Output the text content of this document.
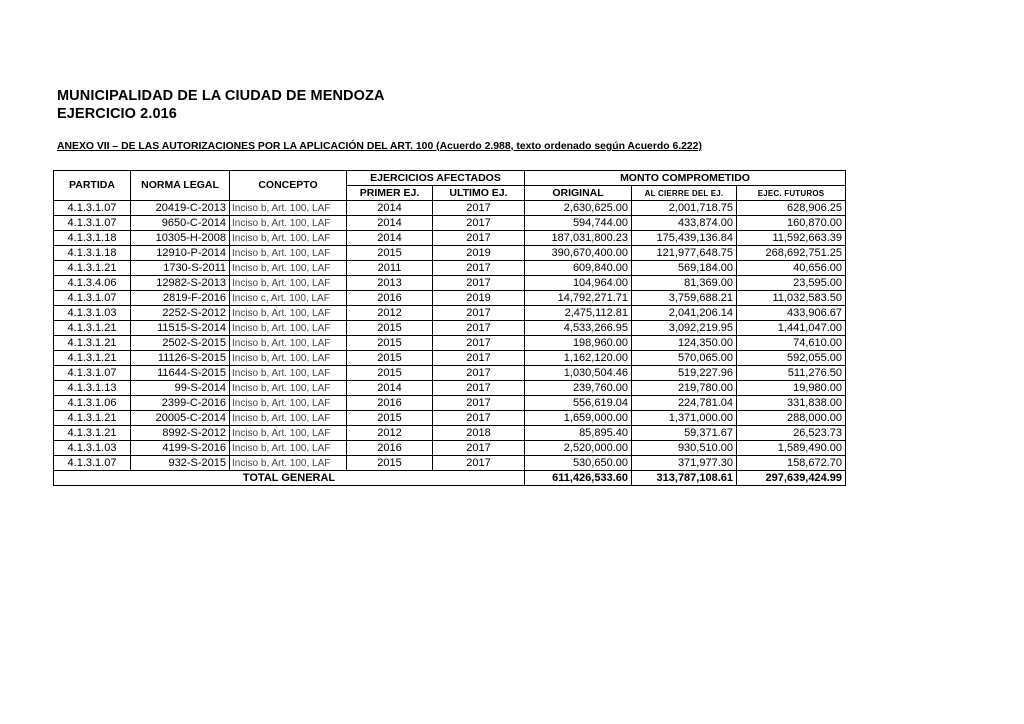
MUNICIPALIDAD DE LA CIUDAD DE MENDOZA
EJERCICIO 2.016
ANEXO VII – DE LAS AUTORIZACIONES POR LA APLICACIÓN DEL ART. 100 (Acuerdo 2.988, texto ordenado según Acuerdo 6.222)
PARTIDA	NORMA LEGAL	CONCEPTO	EJERCICIOS AFECTADOS		MONTO COMPROMETIDO		
			PRIMER EJ.	ULTIMO EJ.	ORIGINAL	AL CIERRE DEL EJ.	EJEC. FUTUROS
4.1.3.1.07	20419-C-2013	Inciso b, Art. 100, LAF	2014	2017	2,630,625.00	2,001,718.75	628,906.25
4.1.3.1.07	9650-C-2014	Inciso b, Art. 100, LAF	2014	2017	594,744.00	433,874.00	160,870.00
4.1.3.1.18	10305-H-2008	Inciso b, Art. 100, LAF	2014	2017	187,031,800.23	175,439,136.84	11,592,663.39
4.1.3.1.18	12910-P-2014	Inciso b, Art. 100, LAF	2015	2019	390,670,400.00	121,977,648.75	268,692,751.25
4.1.3.1.21	1730-S-2011	Inciso b, Art. 100, LAF	2011	2017	609,840.00	569,184.00	40,656.00
4.1.3.4.06	12982-S-2013	Inciso b, Art. 100, LAF	2013	2017	104,964.00	81,369.00	23,595.00
4.1.3.1.07	2819-F-2016	Inciso c, Art. 100, LAF	2016	2019	14,792,271.71	3,759,688.21	11,032,583.50
4.1.3.1.03	2252-S-2012	Inciso b, Art. 100, LAF	2012	2017	2,475,112.81	2,041,206.14	433,906.67
4.1.3.1.21	11515-S-2014	Inciso b, Art. 100, LAF	2015	2017	4,533,266.95	3,092,219.95	1,441,047.00
4.1.3.1.21	2502-S-2015	Inciso b, Art. 100, LAF	2015	2017	198,960.00	124,350.00	74,610.00
4.1.3.1.21	11126-S-2015	Inciso b, Art. 100, LAF	2015	2017	1,162,120.00	570,065.00	592,055.00
4.1.3.1.07	11644-S-2015	Inciso b, Art. 100, LAF	2015	2017	1,030,504.46	519,227.96	511,276.50
4.1.3.1.13	99-S-2014	Inciso b, Art. 100, LAF	2014	2017	239,760.00	219,780.00	19,980.00
4.1.3.1.06	2399-C-2016	Inciso b, Art. 100, LAF	2016	2017	556,619.04	224,781.04	331,838.00
4.1.3.1.21	20005-C-2014	Inciso b, Art. 100, LAF	2015	2017	1,659,000.00	1,371,000.00	288,000.00
4.1.3.1.21	8992-S-2012	Inciso b, Art. 100, LAF	2012	2018	85,895.40	59,371.67	26,523.73
4.1.3.1.03	4199-S-2016	Inciso b, Art. 100, LAF	2016	2017	2,520,000.00	930,510.00	1,589,490.00
4.1.3.1.07	932-S-2015	Inciso b, Art. 100, LAF	2015	2017	530,650.00	371,977.30	158,672.70
TOTAL GENERAL					611,426,533.60	313,787,108.61	297,639,424.99
